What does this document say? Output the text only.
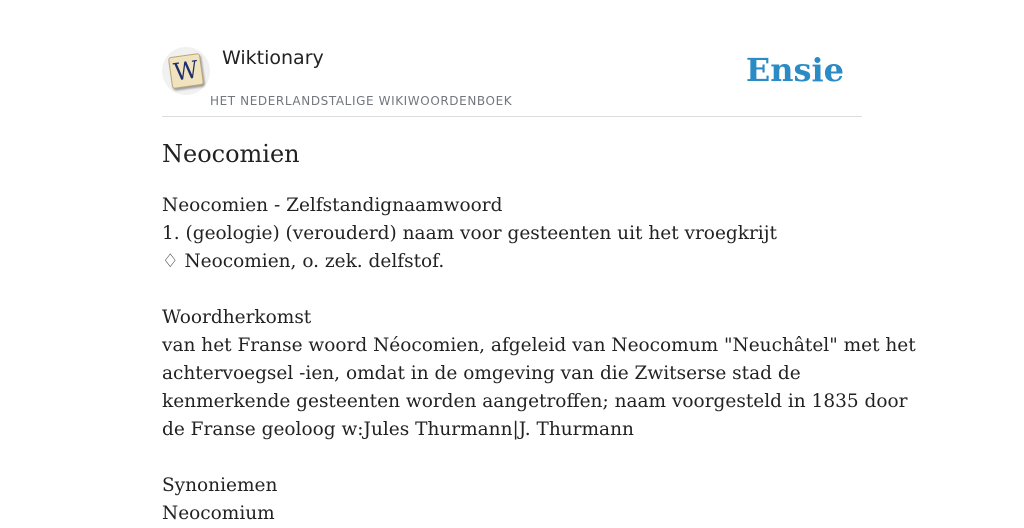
W Wiktionary
HET NEDERLANDSTALIGE WIKIWOORDENBOEK
Ensie
Neocomien
Neocomien - Zelfstandignaamwoord
1. (geologie) (verouderd) naam voor gesteenten uit het vroegkrijt
♢ Neocomien, o. zek. delfstof.
Woordherkomst
van het Franse woord Néocomien, afgeleid van Neocomum "Neuchâtel" met het
achtervoegsel -ien, omdat in de omgeving van die Zwitserse stad de
kenmerkende gesteenten worden aangetroffen; naam voorgesteld in 1835 door
de Franse geoloog w:Jules Thurmann|J. Thurmann
Synoniemen
Neocomium
